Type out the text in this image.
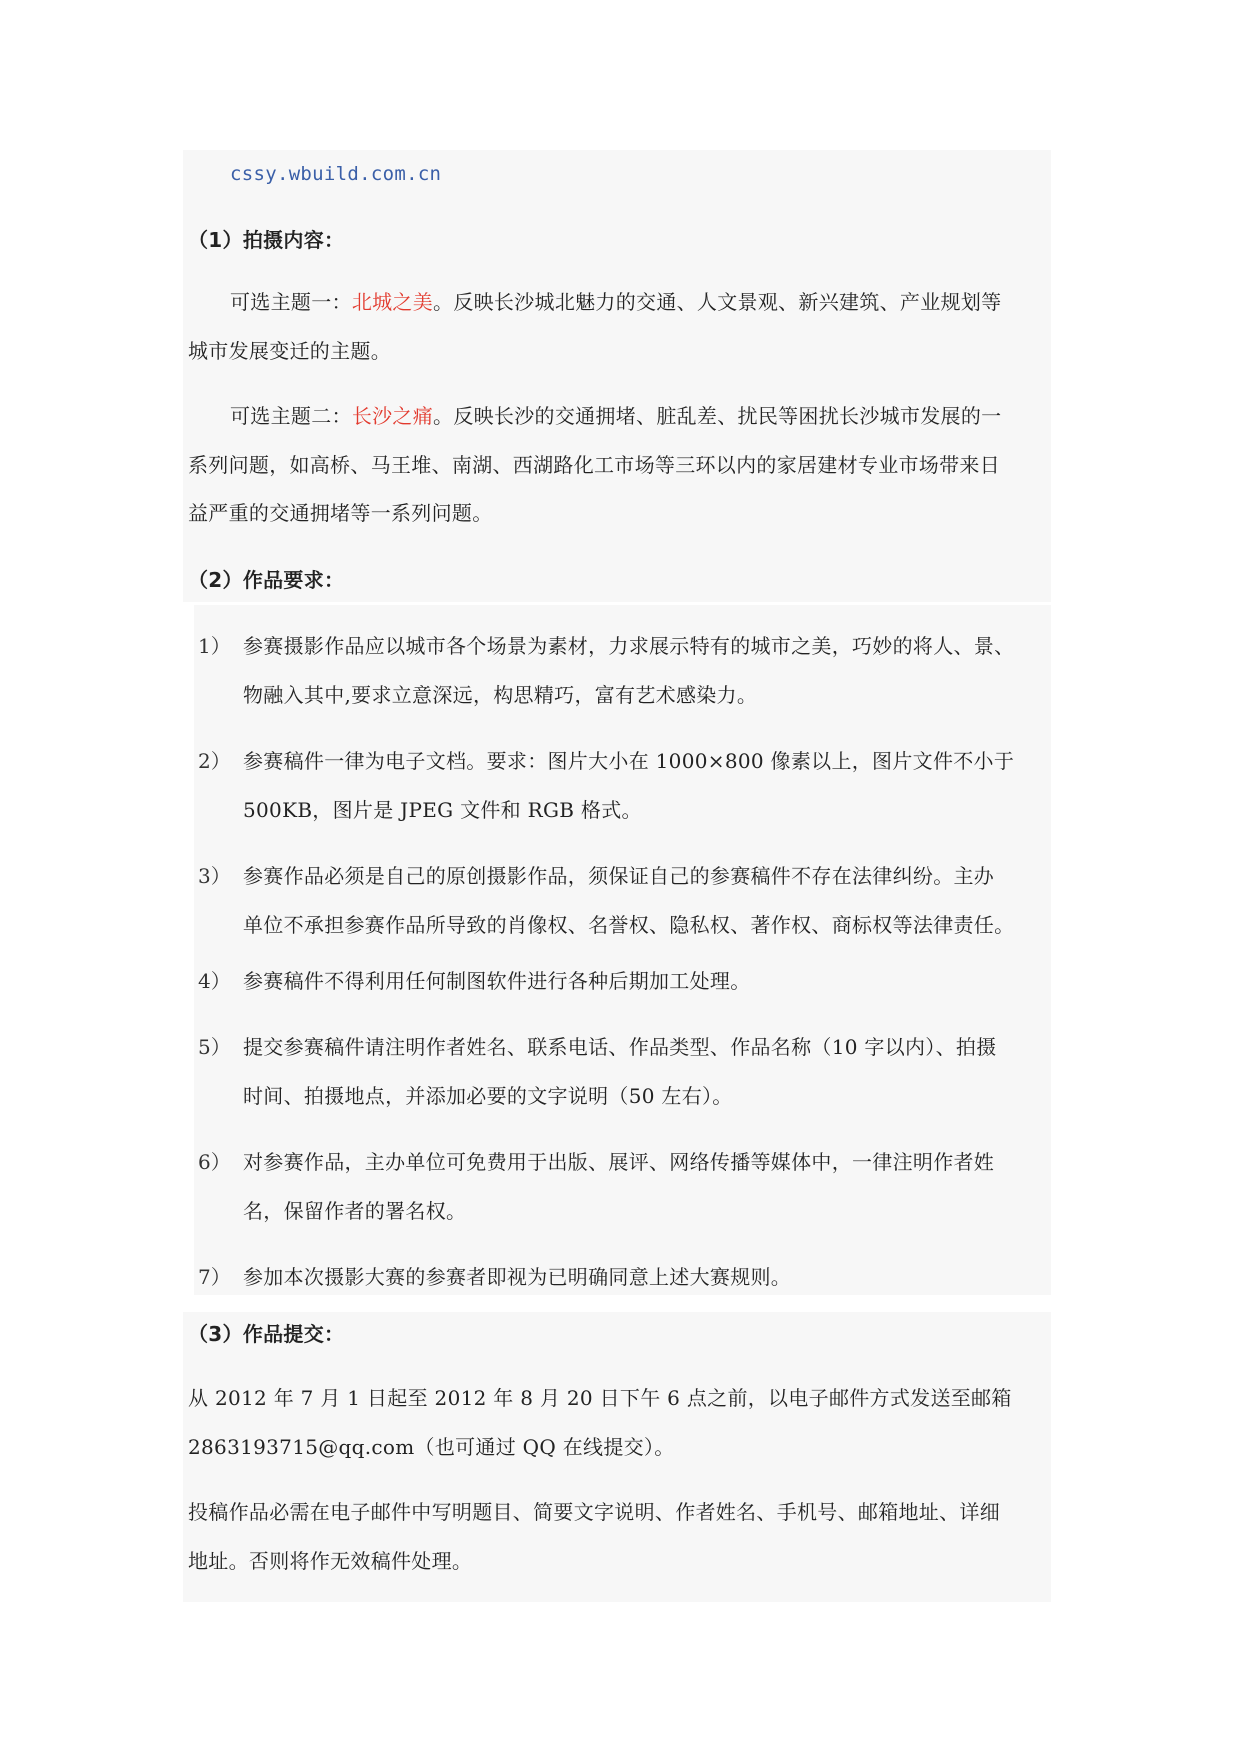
cssy.wbuild.com.cn
（1）拍摄内容：
可选主题一：北城之美。反映长沙城北魅力的交通、人文景观、新兴建筑、产业规划等
城市发展变迁的主题。
可选主题二：长沙之痛。反映长沙的交通拥堵、脏乱差、扰民等困扰长沙城市发展的一
系列问题，如高桥、马王堆、南湖、西湖路化工市场等三环以内的家居建材专业市场带来日
益严重的交通拥堵等一系列问题。
（2）作品要求：
1） 参赛摄影作品应以城市各个场景为素材，力求展示特有的城市之美，巧妙的将人、景、
物融入其中,要求立意深远，构思精巧，富有艺术感染力。
2） 参赛稿件一律为电子文档。要求：图片大小在 1000×800 像素以上，图片文件不小于
500KB，图片是 JPEG 文件和 RGB 格式。
3） 参赛作品必须是自己的原创摄影作品，须保证自己的参赛稿件不存在法律纠纷。主办
单位不承担参赛作品所导致的肖像权、名誉权、隐私权、著作权、商标权等法律责任。
4） 参赛稿件不得利用任何制图软件进行各种后期加工处理。
5） 提交参赛稿件请注明作者姓名、联系电话、作品类型、作品名称（10 字以内）、拍摄
时间、拍摄地点，并添加必要的文字说明（50 左右）。
6） 对参赛作品，主办单位可免费用于出版、展评、网络传播等媒体中，一律注明作者姓
名，保留作者的署名权。
7） 参加本次摄影大赛的参赛者即视为已明确同意上述大赛规则。
（3）作品提交：
从 2012 年 7 月 1 日起至 2012 年 8 月 20 日下午 6 点之前，以电子邮件方式发送至邮箱
2863193715@qq.com（也可通过 QQ 在线提交）。
投稿作品必需在电子邮件中写明题目、简要文字说明、作者姓名、手机号、邮箱地址、详细
地址。否则将作无效稿件处理。
